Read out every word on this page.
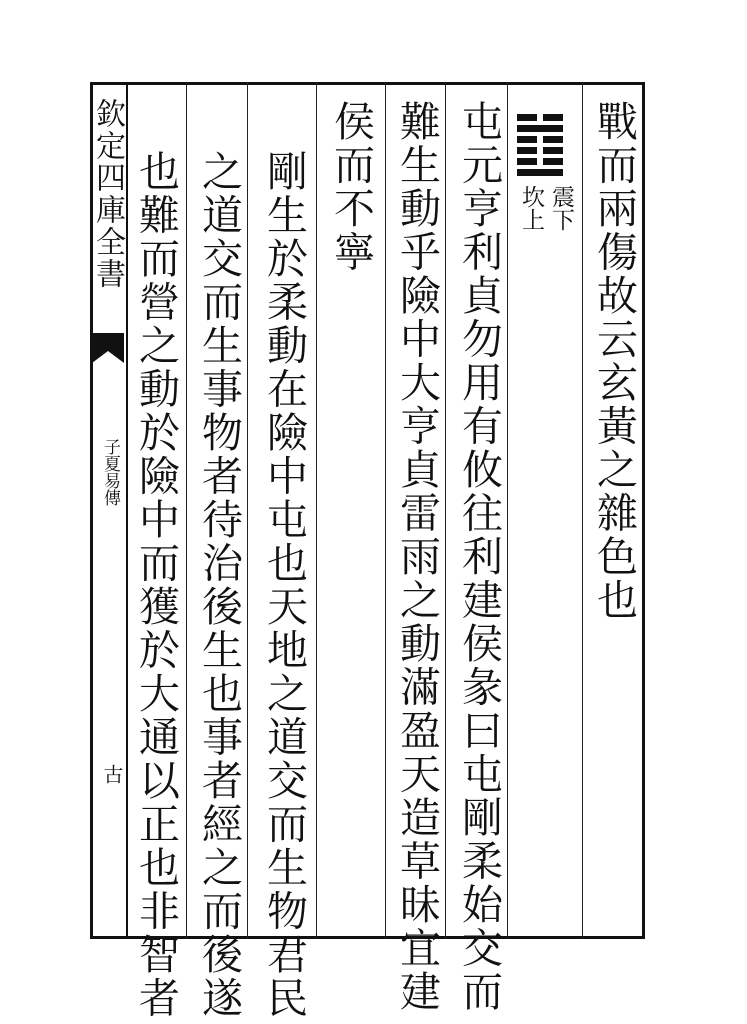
欽定四庫全書
子夏易傳
古
戰而兩傷故云玄黃之雜色也
屯元亨利貞勿用有攸往利建侯彖曰屯剛柔始交而
難生動乎險中大亨貞雷雨之動滿盈天造草昧宜建
侯而不寧
剛生於柔動在險中屯也天地之道交而生物君民
之道交而生事物者待治後生也事者經之而後遂
也難而營之動於險中而獲於大通以正也非智者	震下
坎上
